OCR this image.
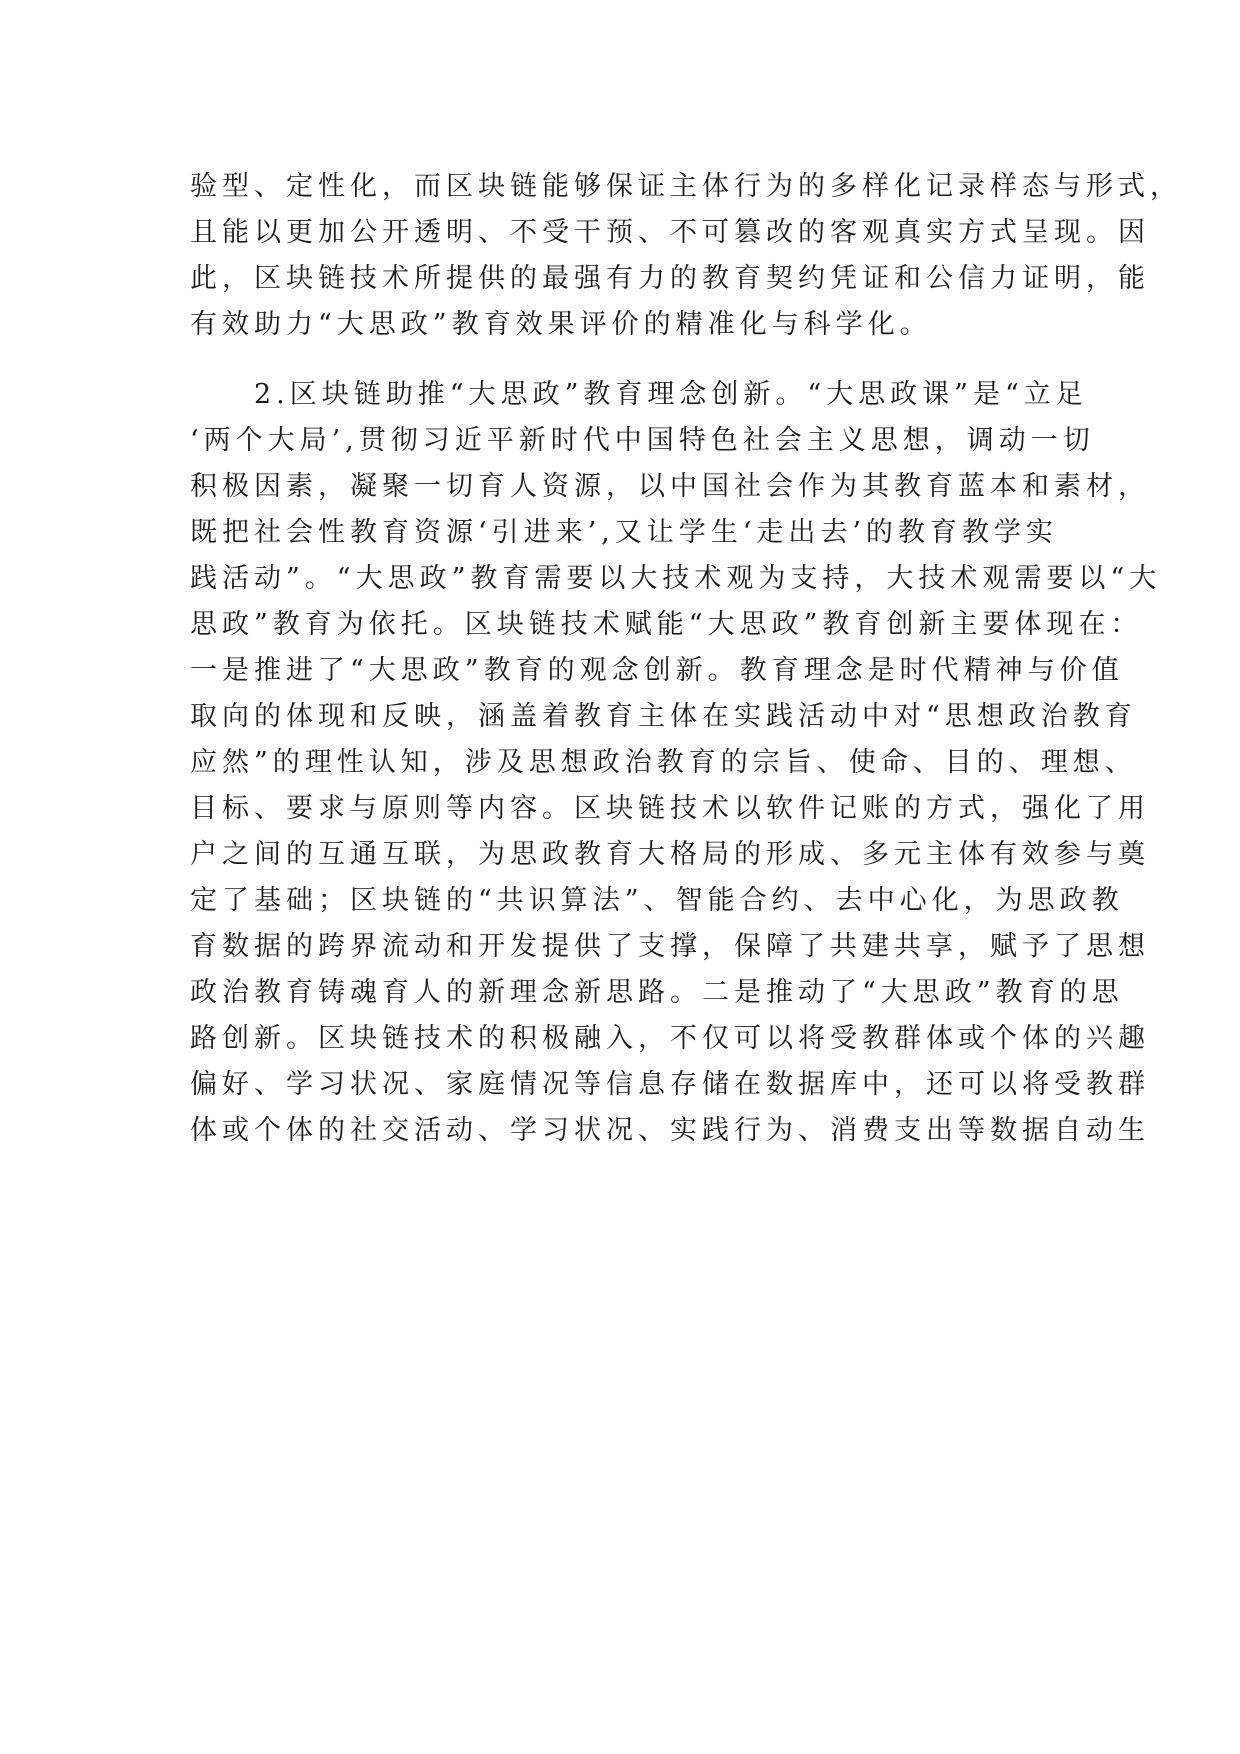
验型、定性化，而区块链能够保证主体行为的多样化记录样态与形式，
且能以更加公开透明、不受干预、不可篡改的客观真实方式呈现。因
此，区块链技术所提供的最强有力的教育契约凭证和公信力证明，能
有效助力“大思政”教育效果评价的精准化与科学化。
　　2.区块链助推“大思政”教育理念创新。“大思政课”是“立足
‘两个大局’,贯彻习近平新时代中国特色社会主义思想，调动一切
积极因素，凝聚一切育人资源，以中国社会作为其教育蓝本和素材，
既把社会性教育资源‘引进来’,又让学生‘走出去’的教育教学实
践活动”。“大思政”教育需要以大技术观为支持，大技术观需要以“大
思政”教育为依托。区块链技术赋能“大思政”教育创新主要体现在：
一是推进了“大思政”教育的观念创新。教育理念是时代精神与价值
取向的体现和反映，涵盖着教育主体在实践活动中对“思想政治教育
应然”的理性认知，涉及思想政治教育的宗旨、使命、目的、理想、
目标、要求与原则等内容。区块链技术以软件记账的方式，强化了用
户之间的互通互联，为思政教育大格局的形成、多元主体有效参与奠
定了基础；区块链的“共识算法”、智能合约、去中心化，为思政教
育数据的跨界流动和开发提供了支撑，保障了共建共享，赋予了思想
政治教育铸魂育人的新理念新思路。二是推动了“大思政”教育的思
路创新。区块链技术的积极融入，不仅可以将受教群体或个体的兴趣
偏好、学习状况、家庭情况等信息存储在数据库中，还可以将受教群
体或个体的社交活动、学习状况、实践行为、消费支出等数据自动生
